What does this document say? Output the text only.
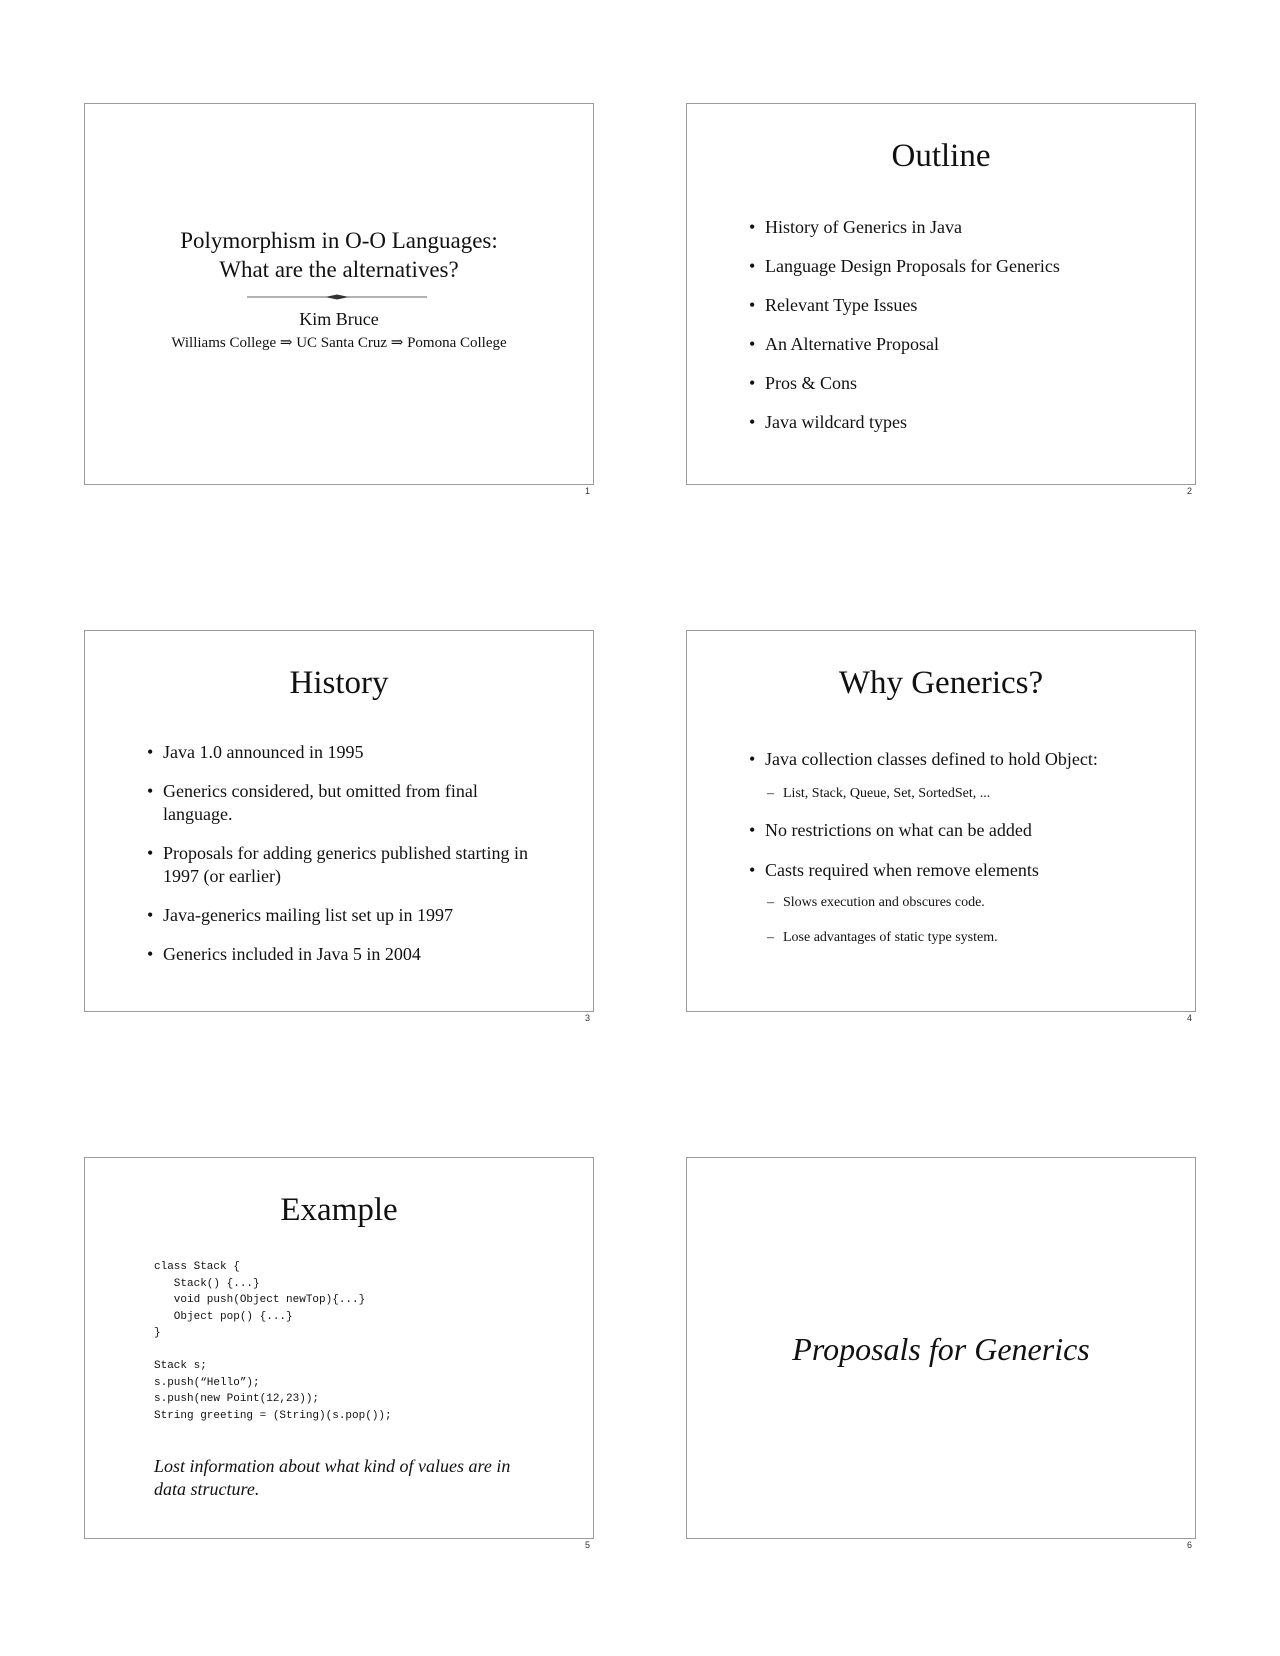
Polymorphism in O-O Languages:
What are the alternatives?
Kim Bruce
Williams College ⇒ UC Santa Cruz ⇒ Pomona College
1
Outline
• History of Generics in Java
• Language Design Proposals for Generics
• Relevant Type Issues
• An Alternative Proposal
• Pros & Cons
• Java wildcard types
2
History
• Java 1.0 announced in 1995
• Generics considered, but omitted from final language.
• Proposals for adding generics published starting in 1997 (or earlier)
• Java-generics mailing list set up in 1997
• Generics included in Java 5 in 2004
3
Why Generics?
• Java collection classes defined to hold Object:
– List, Stack, Queue, Set, SortedSet, ...
• No restrictions on what can be added
• Casts required when remove elements
– Slows execution and obscures code.
– Lose advantages of static type system.
4
Example
class Stack {
Stack() {...}
void push(Object newTop){...}
Object pop() {...}
}

Stack s;
s.push(“Hello”);
s.push(new Point(12,23));
String greeting = (String)(s.pop());
Lost information about what kind of values are in data structure.
5
Proposals for Generics
6
